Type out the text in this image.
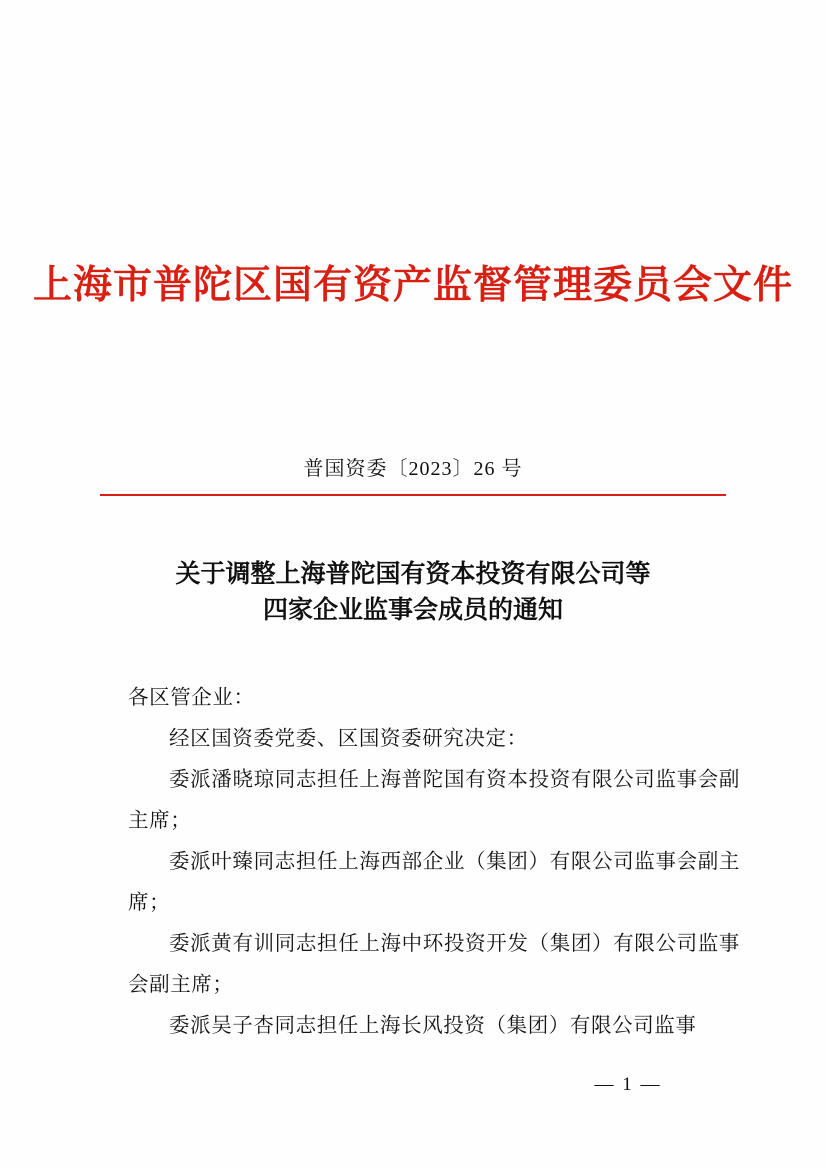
上海市普陀区国有资产监督管理委员会文件
普国资委〔2023〕26 号
关于调整上海普陀国有资本投资有限公司等
四家企业监事会成员的通知

各区管企业：

经区国资委党委、区国资委研究决定：

委派潘晓琼同志担任上海普陀国有资本投资有限公司监事会副主席；

委派叶臻同志担任上海西部企业（集团）有限公司监事会副主席；

委派黄有训同志担任上海中环投资开发（集团）有限公司监事会副主席；

委派吴子杏同志担任上海长风投资（集团）有限公司监事

— 1 —
